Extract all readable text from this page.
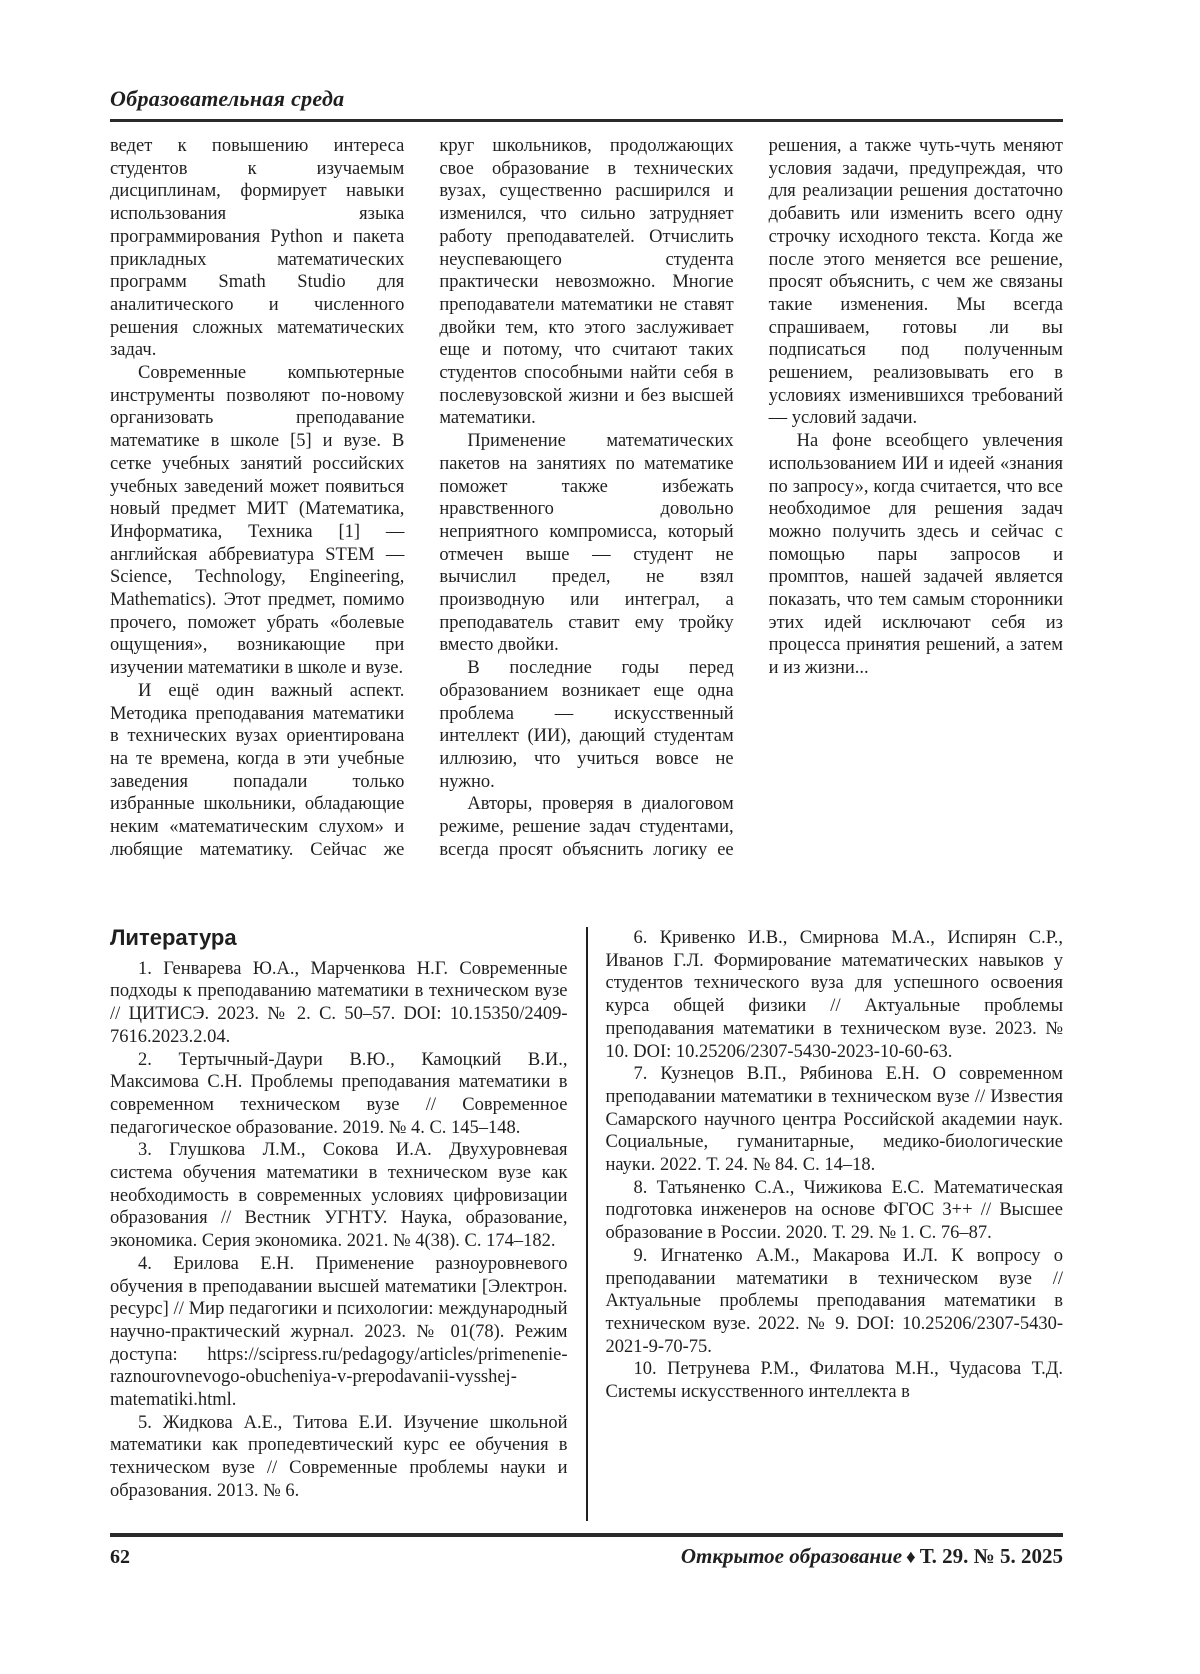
Образовательная среда

ведет к повышению интереса студентов к изучаемым дисциплинам, формирует навыки использования языка программирования Python и пакета прикладных математических программ Smath Studio для аналитического и численного решения сложных математических задач.

Современные компьютерные инструменты позволяют по-новому организовать преподавание математике в школе [5] и вузе. В сетке учебных занятий российских учебных заведений может появиться новый предмет МИТ (Математика, Информатика, Техника [1] — английская аббревиатура STEM — Science, Technology, Engineering, Mathematics). Этот предмет, помимо прочего, поможет убрать «болевые ощущения», возникающие при изучении математики в школе и вузе.

И ещё один важный аспект. Методика преподавания математики в технических вузах ориентирована на те времена, когда в эти учебные заведения попадали только избранные школьники, обладающие неким «математическим слухом» и любящие математику. Сейчас же круг школьников, продолжающих свое образование в технических вузах, существенно расширился и изменился, что сильно затрудняет работу преподавателей. Отчислить неуспевающего студента практически невозможно. Многие преподаватели математики не ставят двойки тем, кто этого заслуживает еще и потому, что считают таких студентов способными найти себя в послевузовской жизни и без высшей математики.

Применение математических пакетов на занятиях по математике поможет также избежать нравственного довольно неприятного компромисса, который отмечен выше — студент не вычислил предел, не взял производную или интеграл, а преподаватель ставит ему тройку вместо двойки.

В последние годы перед образованием возникает еще одна проблема — искусственный интеллект (ИИ), дающий студентам иллюзию, что учиться вовсе не нужно.

Авторы, проверяя в диалоговом режиме, решение задач студентами, всегда просят объяснить логику ее решения, а также чуть-чуть меняют условия задачи, предупреждая, что для реализации решения достаточно добавить или изменить всего одну строчку исходного текста. Когда же после этого меняется все решение, просят объяснить, с чем же связаны такие изменения. Мы всегда спрашиваем, готовы ли вы подписаться под полученным решением, реализовывать его в условиях изменившихся требований — условий задачи.

На фоне всеобщего увлечения использованием ИИ и идеей «знания по запросу», когда считается, что все необходимое для решения задач можно получить здесь и сейчас с помощью пары запросов и промптов, нашей задачей является показать, что тем самым сторонники этих идей исключают себя из процесса принятия решений, а затем и из жизни...

Литература

1. Генварева Ю.А., Марченкова Н.Г. Современные подходы к преподаванию математики в техническом вузе // ЦИТИСЭ. 2023. № 2. С. 50–57. DOI: 10.15350/2409-7616.2023.2.04.

2. Тертычный-Даури В.Ю., Камоцкий В.И., Максимова С.Н. Проблемы преподавания математики в современном техническом вузе // Современное педагогическое образование. 2019. № 4. С. 145–148.

3. Глушкова Л.М., Сокова И.А. Двухуровневая система обучения математики в техническом вузе как необходимость в современных условиях цифровизации образования // Вестник УГНТУ. Наука, образование, экономика. Серия экономика. 2021. № 4(38). С. 174–182.

4. Ерилова Е.Н. Применение разноуровневого обучения в преподавании высшей математики [Электрон. ресурс] // Мир педагогики и психологии: международный научно-практический журнал. 2023. № 01(78). Режим доступа: https://scipress.ru/pedagogy/articles/primenenie-raznourovnevogo-obucheniya-v-prepodavanii-vysshej-matematiki.html.

5. Жидкова А.Е., Титова Е.И. Изучение школьной математики как пропедевтический курс ее обучения в техническом вузе // Современные проблемы науки и образования. 2013. № 6.

6. Кривенко И.В., Смирнова М.А., Испирян С.Р., Иванов Г.Л. Формирование математических навыков у студентов технического вуза для успешного освоения курса общей физики // Актуальные проблемы преподавания математики в техническом вузе. 2023. № 10. DOI: 10.25206/2307-5430-2023-10-60-63.

7. Кузнецов В.П., Рябинова Е.Н. О современном преподавании математики в техническом вузе // Известия Самарского научного центра Российской академии наук. Социальные, гуманитарные, медико-биологические науки. 2022. Т. 24. № 84. С. 14–18.

8. Татьяненко С.А., Чижикова Е.С. Математическая подготовка инженеров на основе ФГОС 3++ // Высшее образование в России. 2020. Т. 29. № 1. С. 76–87.

9. Игнатенко А.М., Макарова И.Л. К вопросу о преподавании математики в техническом вузе // Актуальные проблемы преподавания математики в техническом вузе. 2022. № 9. DOI: 10.25206/2307-5430-2021-9-70-75.

10. Петрунева Р.М., Филатова М.Н., Чудасова Т.Д. Системы искусственного интеллекта в

62	Открытое образование ♦ Т. 29. № 5. 2025
